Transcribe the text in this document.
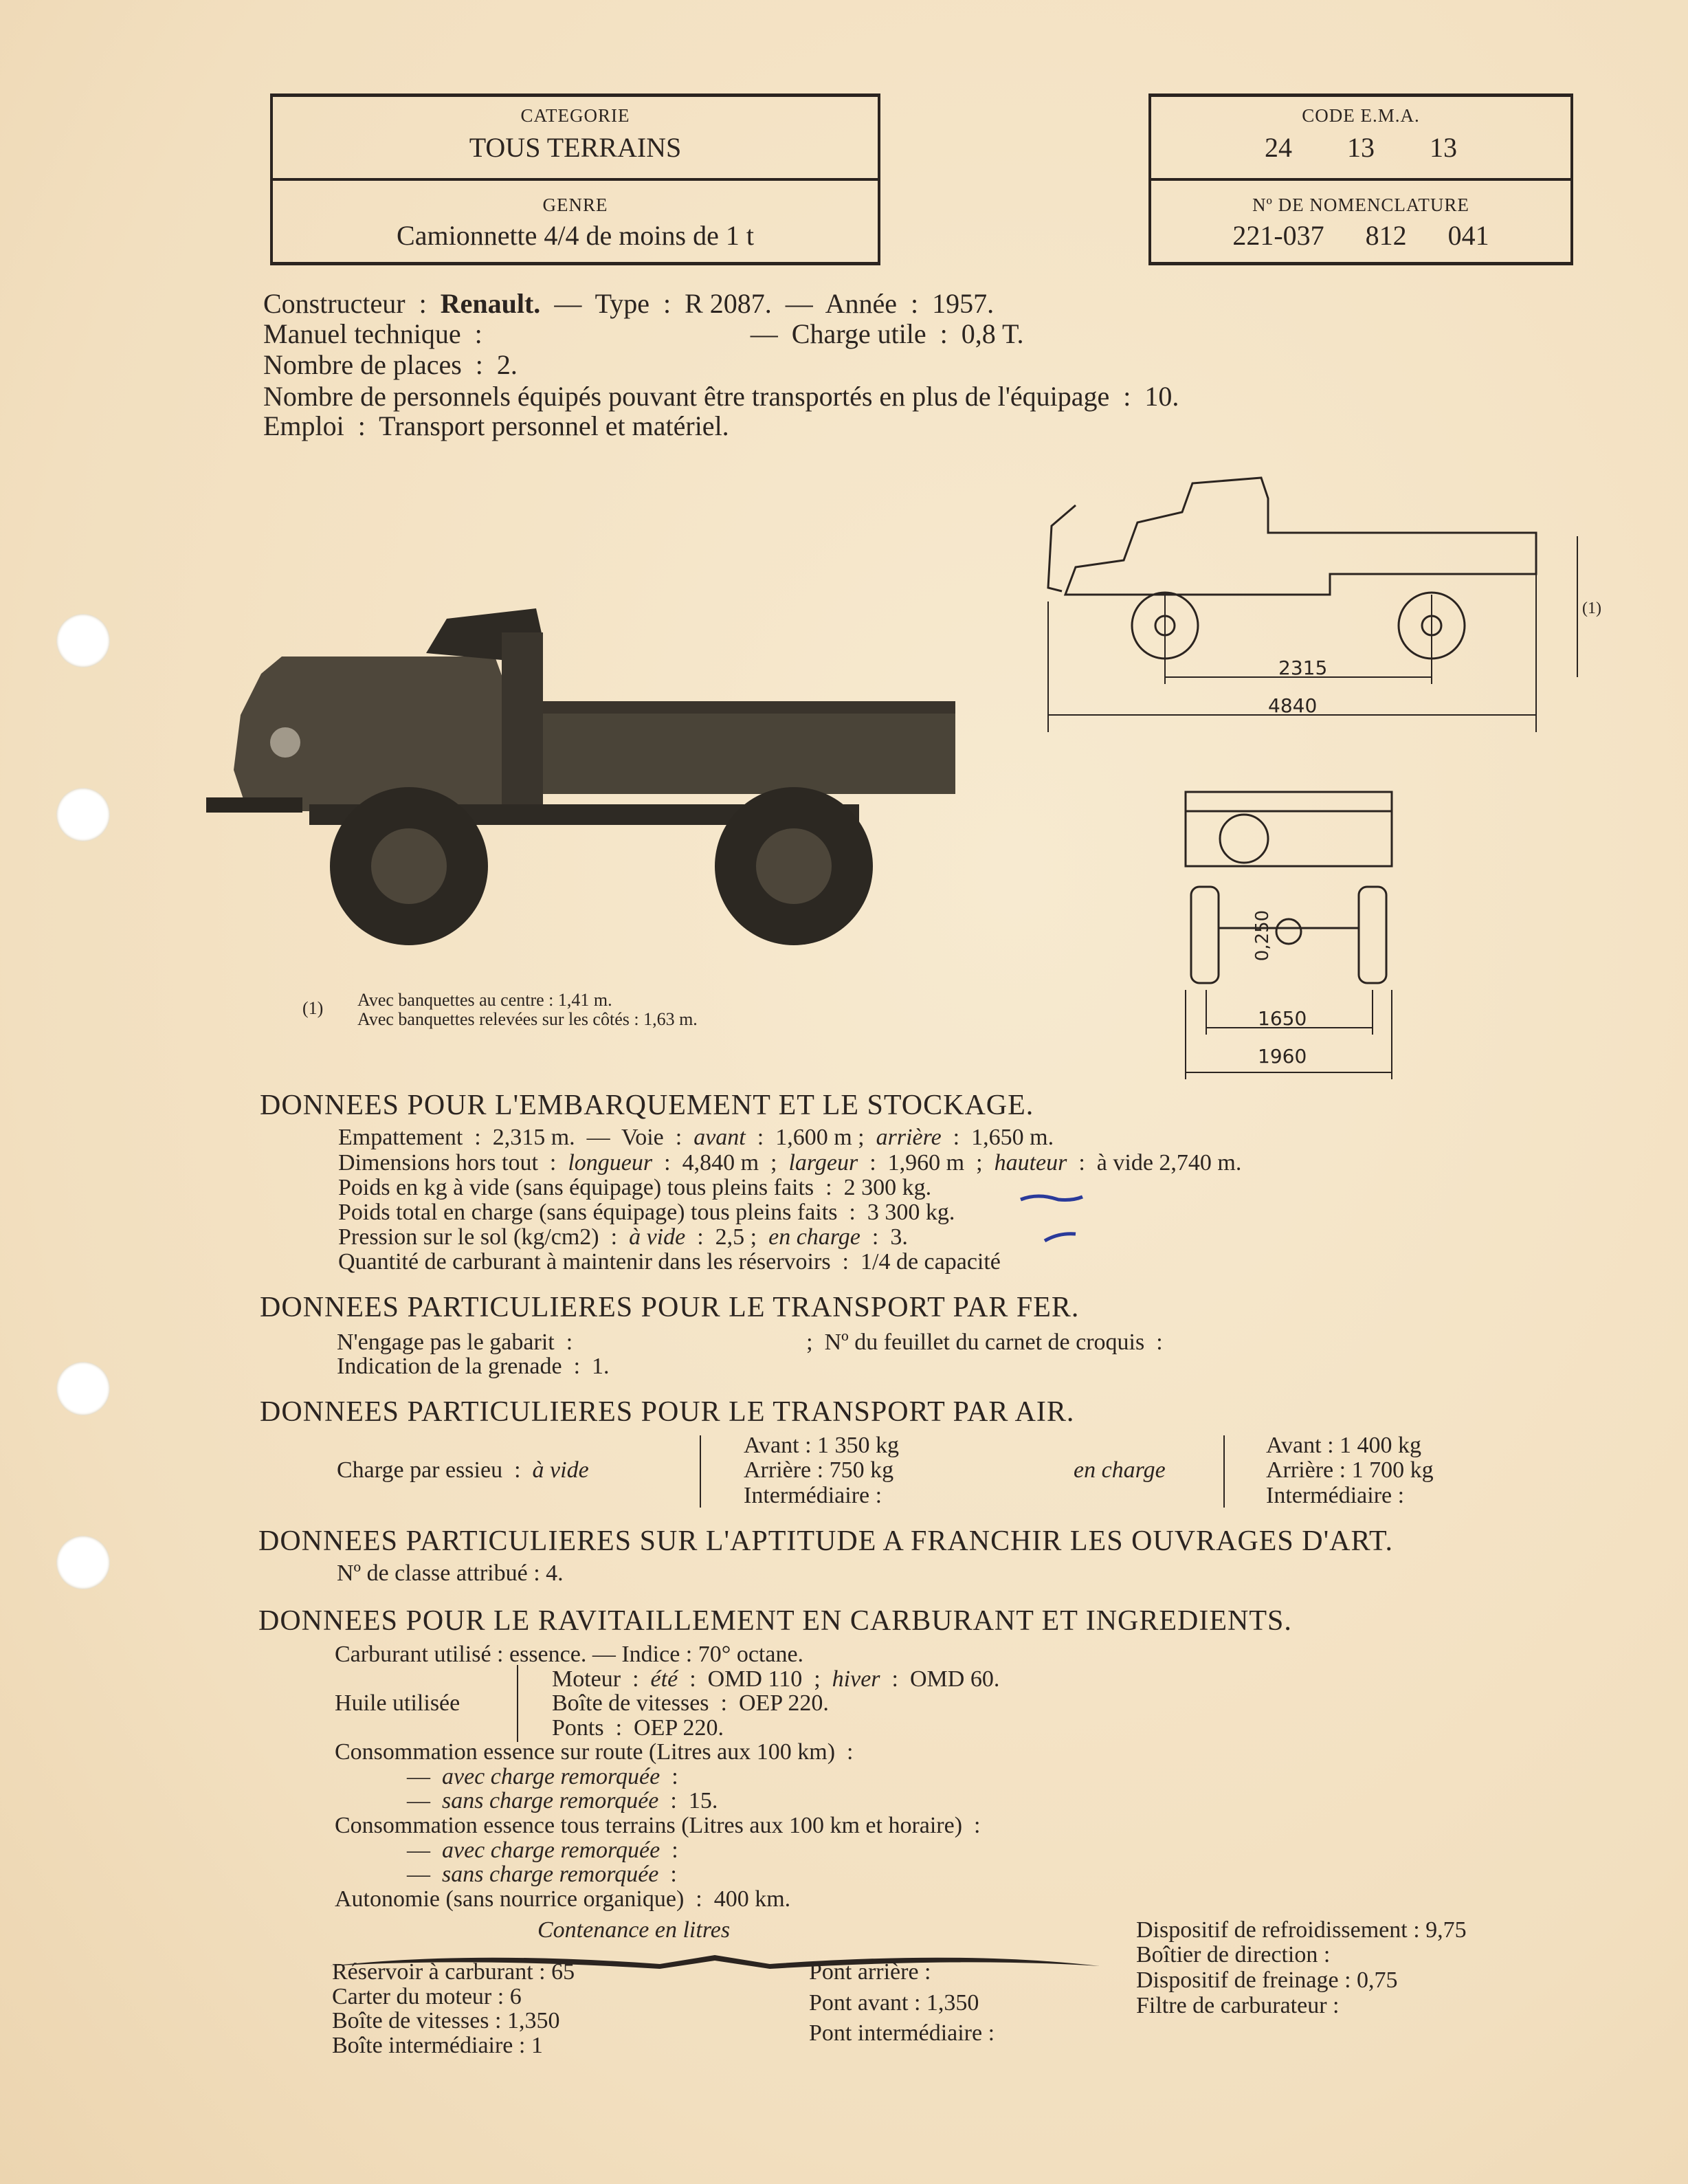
CATEGORIE
TOUS TERRAINS
GENRE
Camionnette 4/4 de moins de 1 t
CODE E.M.A.
24 13 13
Nº DE NOMENCLATURE
221-037 812 041
Constructeur  :  Renault.  —  Type  :  R 2087.  —  Année  :  1957.
Manuel technique  :                                       —  Charge utile  :  0,8 T.
Nombre de places  :  2.
Nombre de personnels équipés pouvant être transportés en plus de l'équipage  :  10.
Emploi  :  Transport personnel et matériel.
2315
4840
(1)
0,250
1650
1960
(1) Avec banquettes au centre : 1,41 m.
Avec banquettes relevées sur les côtés : 1,63 m.
DONNEES POUR L'EMBARQUEMENT ET LE STOCKAGE.
Empattement  :  2,315 m.  —  Voie  :  avant  :  1,600 m ;  arrière  :  1,650 m.
Dimensions hors tout  :  longueur  :  4,840 m  ;  largeur  :  1,960 m  ;  hauteur  :  à vide 2,740 m.
Poids en kg à vide (sans équipage) tous pleins faits  :  2 300 kg.
Poids total en charge (sans équipage) tous pleins faits  :  3 300 kg.
Pression sur le sol (kg/cm2)  :  à vide  :  2,5 ;  en charge  :  3.
Quantité de carburant à maintenir dans les réservoirs  :  1/4 de capacité
DONNEES PARTICULIERES POUR LE TRANSPORT PAR FER.
N'engage pas le gabarit  :                                        ;  Nº du feuillet du carnet de croquis  :
Indication de la grenade  :  1.
DONNEES PARTICULIERES POUR LE TRANSPORT PAR AIR.
Charge par essieu  :  à vide
Avant : 1 350 kg
Arrière : 750 kg
Intermédiaire :
en charge
Avant : 1 400 kg
Arrière : 1 700 kg
Intermédiaire :
DONNEES PARTICULIERES SUR L'APTITUDE A FRANCHIR LES OUVRAGES D'ART.
Nº de classe attribué : 4.
DONNEES POUR LE RAVITAILLEMENT EN CARBURANT ET INGREDIENTS.
Carburant utilisé : essence. — Indice : 70° octane.
Huile utilisée
Moteur  :  été  :  OMD 110  ;  hiver  :  OMD 60.
Boîte de vitesses  :  OEP 220.
Ponts  :  OEP 220.
Consommation essence sur route (Litres aux 100 km)  :
—  avec charge remorquée  :
—  sans charge remorquée  :  15.
Consommation essence tous terrains (Litres aux 100 km et horaire)  :
—  avec charge remorquée  :
—  sans charge remorquée  :
Autonomie (sans nourrice organique)  :  400 km.
Contenance en litres
Réservoir à carburant : 65
Carter du moteur : 6
Boîte de vitesses : 1,350
Boîte intermédiaire : 1
Pont arrière :
Pont avant : 1,350
Pont intermédiaire :
Dispositif de refroidissement : 9,75
Boîtier de direction :
Dispositif de freinage : 0,75
Filtre de carburateur :
